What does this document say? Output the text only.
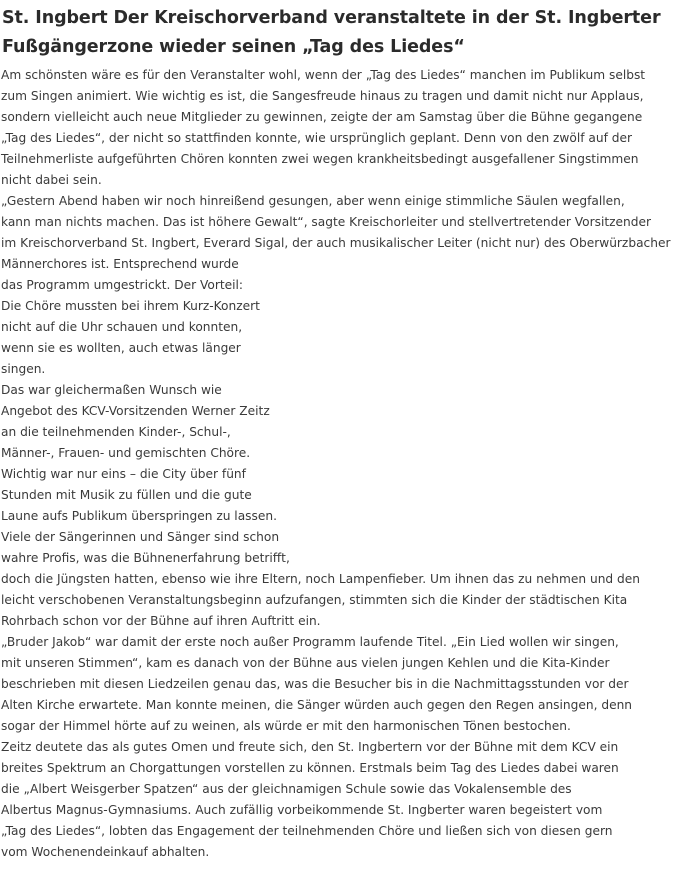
St. Ingbert Der Kreischorverband veranstaltete in der St. Ingberter
Fußgängerzone wieder seinen „Tag des Liedes“
Am schönsten wäre es für den Veranstalter wohl, wenn der „Tag des Liedes“ manchen im Publikum selbst
zum Singen animiert. Wie wichtig es ist, die Sangesfreude hinaus zu tragen und damit nicht nur Applaus,
sondern vielleicht auch neue Mitglieder zu gewinnen, zeigte der am Samstag über die Bühne gegangene
„Tag des Liedes“, der nicht so stattfinden konnte, wie ursprünglich geplant. Denn von den zwölf auf der
Teilnehmerliste aufgeführten Chören konnten zwei wegen krankheitsbedingt ausgefallener Singstimmen
nicht dabei sein.
„Gestern Abend haben wir noch hinreißend gesungen, aber wenn einige stimmliche Säulen wegfallen,
kann man nichts machen. Das ist höhere Gewalt“, sagte Kreischorleiter und stellvertretender Vorsitzender
im Kreischorverband St. Ingbert, Everard Sigal, der auch musikalischer Leiter (nicht nur) des Oberwürzbacher
Männerchores ist. Entsprechend wurde
das Programm umgestrickt. Der Vorteil:
Die Chöre mussten bei ihrem Kurz-Konzert
nicht auf die Uhr schauen und konnten,
wenn sie es wollten, auch etwas länger
singen.
Das war gleichermaßen Wunsch wie
Angebot des KCV-Vorsitzenden Werner Zeitz
an die teilnehmenden Kinder-, Schul-,
Männer-, Frauen- und gemischten Chöre.
Wichtig war nur eins – die City über fünf
Stunden mit Musik zu füllen und die gute
Laune aufs Publikum überspringen zu lassen.
Viele der Sängerinnen und Sänger sind schon
wahre Profis, was die Bühnenerfahrung betrifft,
doch die Jüngsten hatten, ebenso wie ihre Eltern, noch Lampenfieber. Um ihnen das zu nehmen und den
leicht verschobenen Veranstaltungsbeginn aufzufangen, stimmten sich die Kinder der städtischen Kita
Rohrbach schon vor der Bühne auf ihren Auftritt ein.
„Bruder Jakob“ war damit der erste noch außer Programm laufende Titel. „Ein Lied wollen wir singen,
mit unseren Stimmen“, kam es danach von der Bühne aus vielen jungen Kehlen und die Kita-Kinder
beschrieben mit diesen Liedzeilen genau das, was die Besucher bis in die Nachmittagsstunden vor der
Alten Kirche erwartete. Man konnte meinen, die Sänger würden auch gegen den Regen ansingen, denn
sogar der Himmel hörte auf zu weinen, als würde er mit den harmonischen Tönen bestochen.
Zeitz deutete das als gutes Omen und freute sich, den St. Ingbertern vor der Bühne mit dem KCV ein
breites Spektrum an Chorgattungen vorstellen zu können. Erstmals beim Tag des Liedes dabei waren
die „Albert Weisgerber Spatzen“ aus der gleichnamigen Schule sowie das Vokalensemble des
Albertus Magnus-Gymnasiums. Auch zufällig vorbeikommende St. Ingberter waren begeistert vom
„Tag des Liedes“, lobten das Engagement der teilnehmenden Chöre und ließen sich von diesen gern
vom Wochenendeinkauf abhalten.
